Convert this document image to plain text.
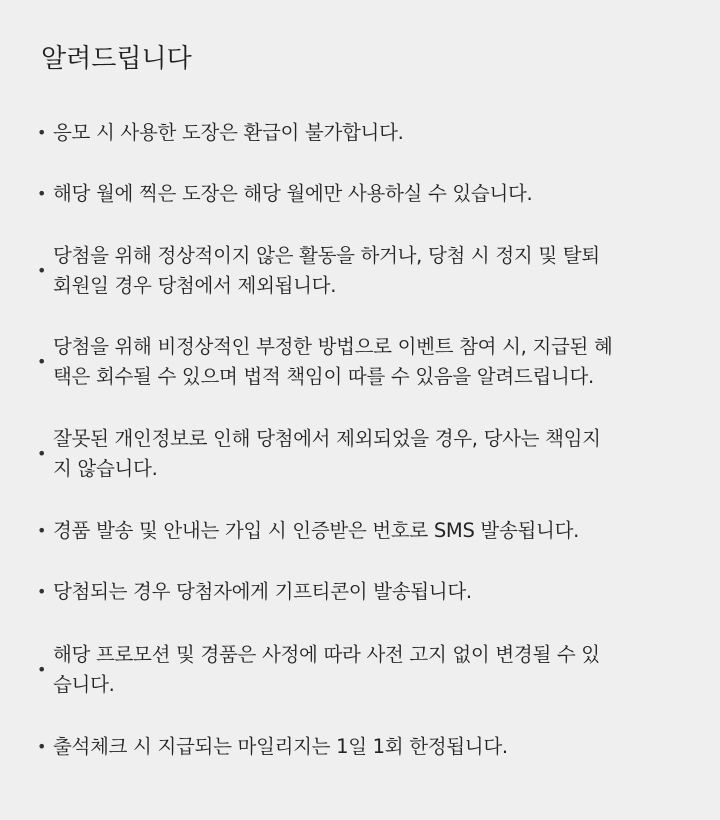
알려드립니다
• 응모 시 사용한 도장은 환급이 불가합니다.
• 해당 월에 찍은 도장은 해당 월에만 사용하실 수 있습니다.
•
당첨을 위해 정상적이지 않은 활동을 하거나, 당첨 시 정지 및 탈퇴
회원일 경우 당첨에서 제외됩니다.
•
당첨을 위해 비정상적인 부정한 방법으로 이벤트 참여 시, 지급된 혜
택은 회수될 수 있으며 법적 책임이 따를 수 있음을 알려드립니다.
•
잘못된 개인정보로 인해 당첨에서 제외되었을 경우, 당사는 책임지
지 않습니다.
• 경품 발송 및 안내는 가입 시 인증받은 번호로 SMS 발송됩니다.
• 당첨되는 경우 당첨자에게 기프티콘이 발송됩니다.
•
해당 프로모션 및 경품은 사정에 따라 사전 고지 없이 변경될 수 있
습니다.
• 출석체크 시 지급되는 마일리지는 1일 1회 한정됩니다.
